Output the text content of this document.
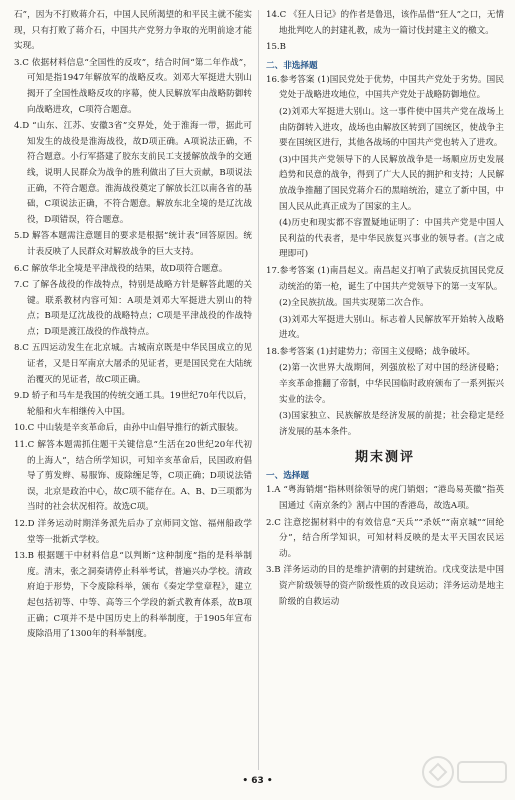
石”，因为不打败蒋介石，中国人民所渴望的和平民主就不能实现，只有打败了蒋介石，中国共产党努力争取的光明前途才能实现。

3.C 依据材料信息“全国性的反攻”，结合时间“第二年作战”，可知是指1947年解放军的战略反攻。刘邓大军挺进大别山揭开了全国性战略反攻的序幕，使人民解放军由战略防御转向战略进攻，C项符合题意。

4.D “山东、江苏、安徽3省”交界处，处于淮海一带，据此可知发生的战役是淮海战役，故D项正确。A项说法正确，不符合题意。小行军搭建了胶东支前民工支援解放战争的交通线，说明人民群众为战争的胜利做出了巨大贡献，B项说法正确，不符合题意。淮海战役奠定了解放长江以南各省的基础，C项说法正确，不符合题意。解放东北全境的是辽沈战役，D项错误，符合题意。

5.D 解答本题需注意题目的要求是根据“统计表”回答原因。统计表反映了人民群众对解放战争的巨大支持。

6.C 解放华北全境是平津战役的结果，故D项符合题意。

7.C 了解各战役的作战特点，特别是战略方针是解答此题的关键。联系教材内容可知：A项是刘邓大军挺进大别山的特点；B项是辽沈战役的战略特点；C项是平津战役的作战特点；D项是渡江战役的作战特点。

8.C 五四运动发生在北京城。古城南京既是中华民国成立的见证者，又是日军南京大屠杀的见证者，更是国民党在大陆统治覆灭的见证者，故C项正确。

9.D 轿子和马车是我国的传统交通工具。19世纪70年代以后，轮船和火车相继传入中国。

10.C 中山装是辛亥革命后，由孙中山倡导推行的新式服装。

11.C 解答本题需抓住题干关键信息“生活在20世纪20年代初的上海人”，结合所学知识，可知辛亥革命后，民国政府倡导了剪发辫、易服饰、废除缠足等，C项正确；D项说法错误，北京是政治中心，故C项不能存在。A、B、D三项都为当时的社会状况相符。故选C项。

12.D 洋务运动时期洋务派先后办了京师同文馆、福州船政学堂等一批新式学校。

13.B 根据题干中材料信息“以判断“这种制度”指的是科举制度。清末，张之洞奏请停止科举考试，普遍兴办学校。清政府迫于形势，下令废除科举，颁布《奏定学堂章程》，建立起包括初等、中等、高等三个学段的新式教育体系，故B项正确；C项并不是中国历史上的科举制度，于1905年宣布废除沿用了1300年的科举制度。

14.C 《狂人日记》的作者是鲁迅，该作品借“狂人”之口，无情地批判吃人的封建礼教，成为一篇讨伐封建主义的檄文。

15.B

二、非选择题

16.参考答案 (1)国民党处于优势，中国共产党处于劣势。国民党处于战略进攻地位，中国共产党处于战略防御地位。

(2)刘邓大军挺进大别山。这一事件使中国共产党在战场上由防御转入进攻，战场也由解放区转到了国统区，使战争主要在国统区进行，其他各战场的中国共产党也转入了进攻。

(3)中国共产党领导下的人民解放战争是一场顺应历史发展趋势和民意的战争，得到了广大人民的拥护和支持；人民解放战争推翻了国民党蒋介石的黑暗统治，建立了新中国，中国人民从此真正成为了国家的主人。

(4)历史和现实都不容置疑地证明了：中国共产党是中国人民利益的代表者，是中华民族复兴事业的领导者。(言之成理即可)

17.参考答案 (1)南昌起义。南昌起义打响了武装反抗国民党反动统治的第一枪，诞生了中国共产党领导下的第一支军队。

(2)全民族抗战。国共实现第二次合作。

(3)刘邓大军挺进大别山。标志着人民解放军开始转入战略进攻。

18.参考答案 (1)封建势力；帝国主义侵略；战争破坏。

(2)第一次世界大战期间，列强放松了对中国的经济侵略；辛亥革命推翻了帝制，中华民国临时政府颁布了一系列振兴实业的法令。

(3)国家独立、民族解放是经济发展的前提；社会稳定是经济发展的基本条件。

期末测评
一、选择题

1.A “粤海销烟”指林则徐领导的虎门销烟；“港岛易英徽”指英国通过《南京条约》割占中国的香港岛，故选A项。

2.C 注意挖掘材料中的有效信息“天兵”“杀妖”“南京城”“回纶分”，结合所学知识，可知材料反映的是太平天国农民运动。

3.B 洋务运动的目的是维护清朝的封建统治。戊戌变法是中国资产阶级领导的资产阶级性质的改良运动；洋务运动是地主阶级的自救运动

• 63 •
